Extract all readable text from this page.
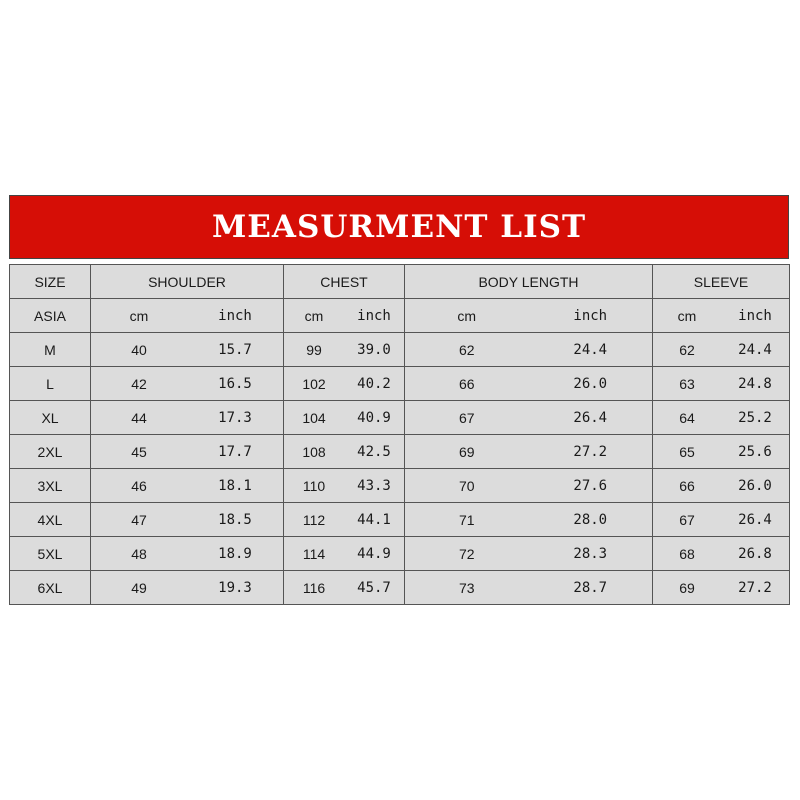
MEASURMENT LIST
SIZE	SHOULDER	CHEST	BODY LENGTH	SLEEVE
ASIA	cm inch	cm inch	cm inch	cm inch

M	40 15.7	99 39.0	62 24.4	62 24.4

L	42 16.5	102 40.2	66 26.0	63 24.8

XL	44 17.3	104 40.9	67 26.4	64 25.2

2XL	45 17.7	108 42.5	69 27.2	65 25.6

3XL	46 18.1	110 43.3	70 27.6	66 26.0

4XL	47 18.5	112 44.1	71 28.0	67 26.4

5XL	48 18.9	114 44.9	72 28.3	68 26.8

6XL	49 19.3	116 45.7	73 28.7	69 27.2
